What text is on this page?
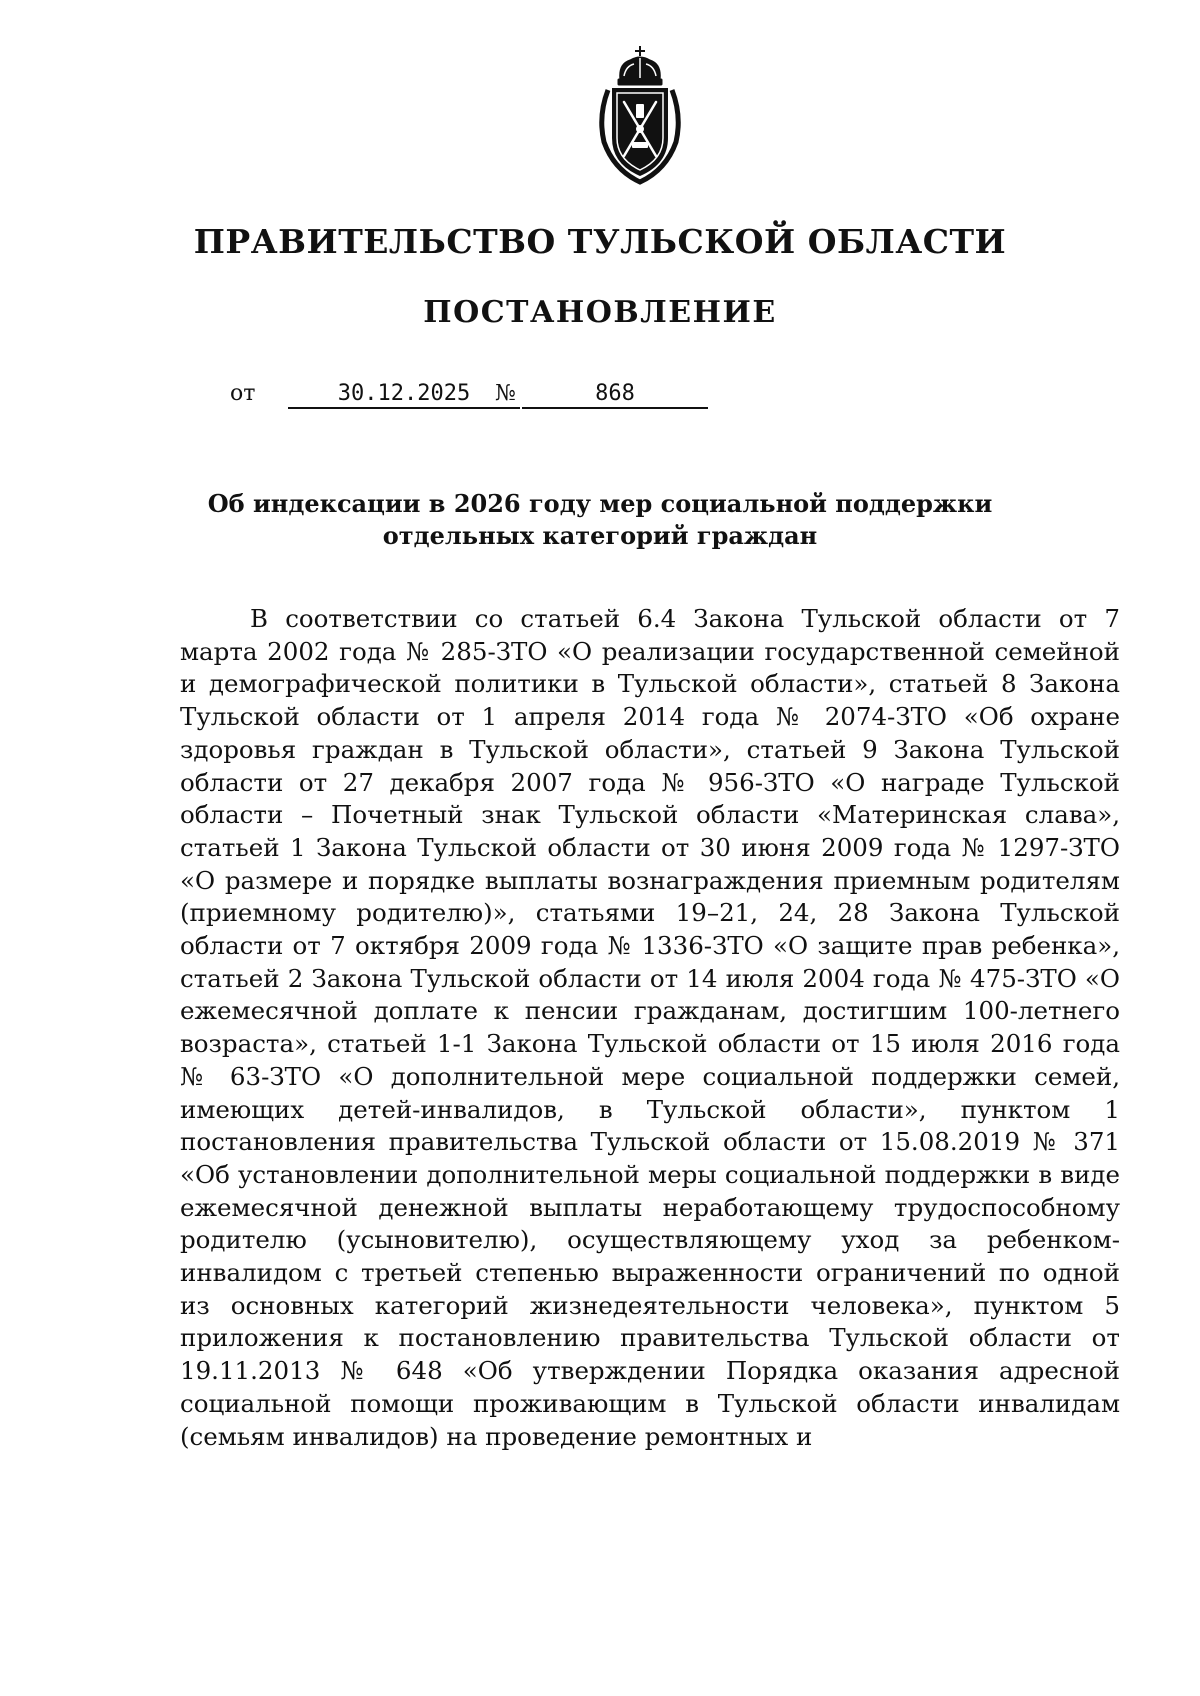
ПРАВИТЕЛЬСТВО ТУЛЬСКОЙ ОБЛАСТИ
ПОСТАНОВЛЕНИЕ
от	30.12.2025	№	868
Об индексации в 2026 году мер социальной поддержки
отдельных категорий граждан

В соответствии со статьей 6.4 Закона Тульской области от 7 марта 2002 года № 285-ЗТО «О реализации государственной семейной и демографической политики в Тульской области», статьей 8 Закона Тульской области от 1 апреля 2014 года № 2074-ЗТО «Об охране здоровья граждан в Тульской области», статьей 9 Закона Тульской области от 27 декабря 2007 года № 956-ЗТО «О награде Тульской области – Почетный знак Тульской области «Материнская слава», статьей 1 Закона Тульской области от 30 июня 2009 года № 1297-ЗТО «О размере и порядке выплаты вознаграждения приемным родителям (приемному родителю)», статьями 19–21, 24, 28 Закона Тульской области от 7 октября 2009 года № 1336-ЗТО «О защите прав ребенка», статьей 2 Закона Тульской области от 14 июля 2004 года № 475-ЗТО «О ежемесячной доплате к пенсии гражданам, достигшим 100-летнего возраста», статьей 1-1 Закона Тульской области от 15 июля 2016 года № 63-ЗТО «О дополнительной мере социальной поддержки семей, имеющих детей-инвалидов, в Тульской области», пунктом 1 постановления правительства Тульской области от 15.08.2019 № 371 «Об установлении дополнительной меры социальной поддержки в виде ежемесячной денежной выплаты неработающему трудоспособному родителю (усыновителю), осуществляющему уход за ребенком-инвалидом с третьей степенью выраженности ограничений по одной из основных категорий жизнедеятельности человека», пунктом 5 приложения к постановлению правительства Тульской области от 19.11.2013 № 648 «Об утверждении Порядка оказания адресной социальной помощи проживающим в Тульской области инвалидам (семьям инвалидов) на проведение ремонтных и
